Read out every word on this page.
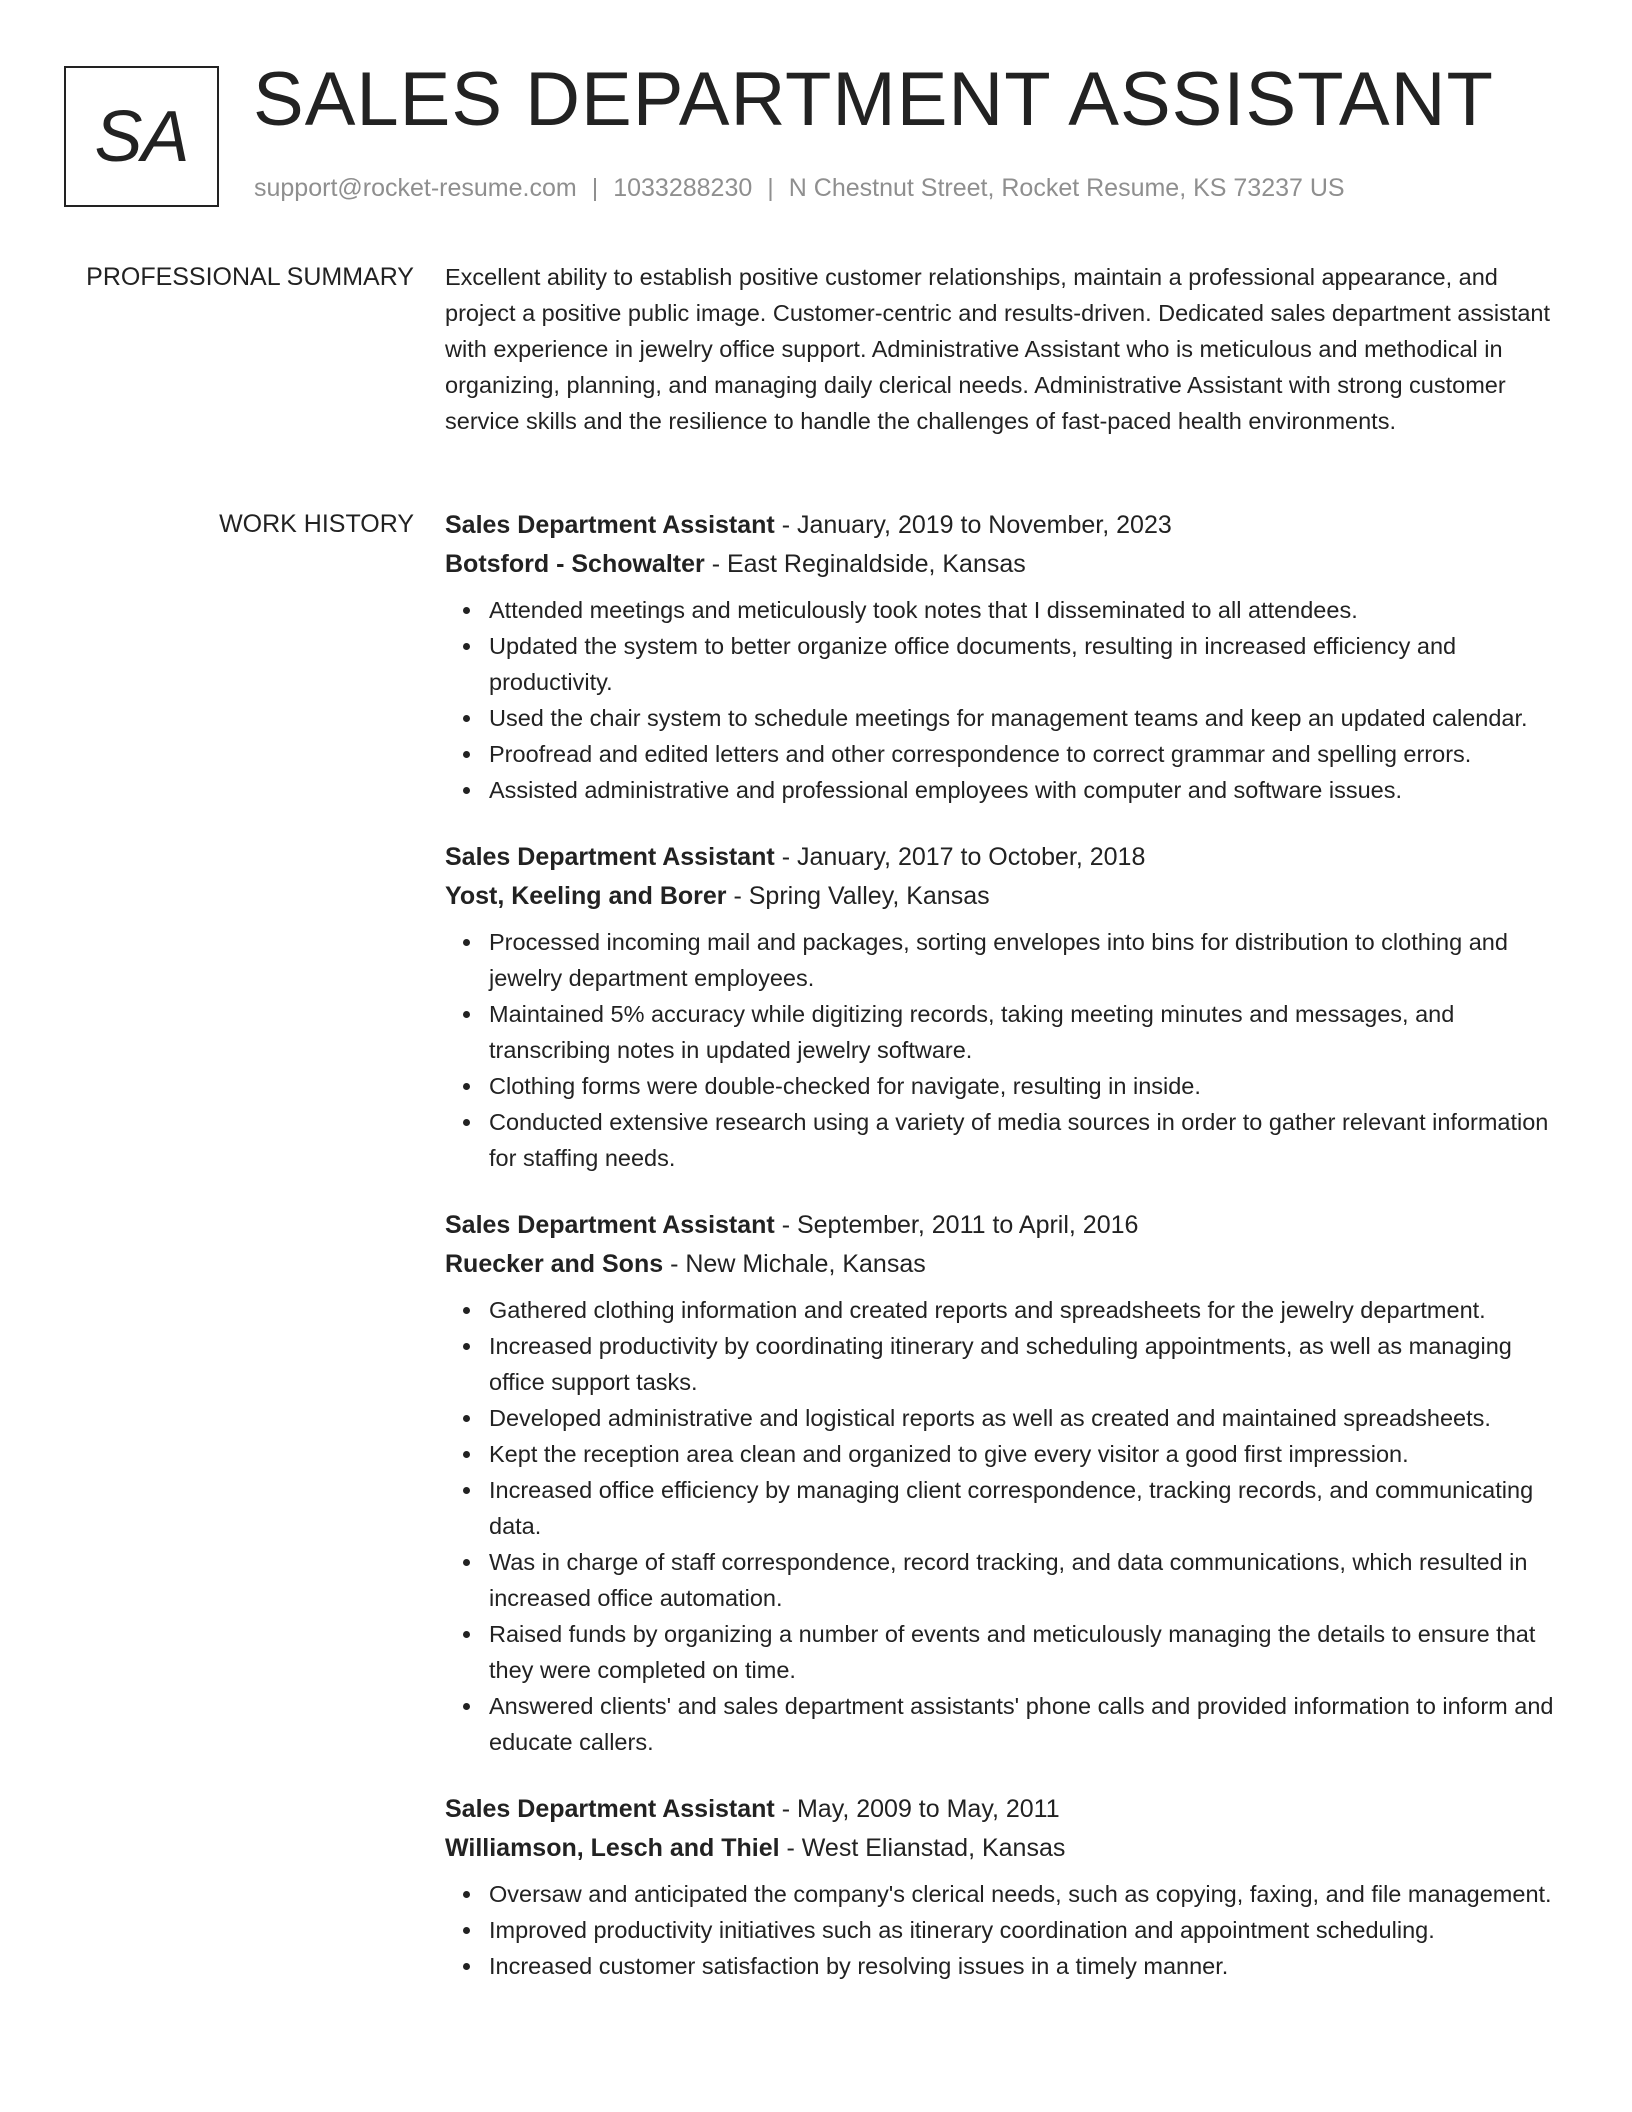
SA SALES DEPARTMENT ASSISTANT
support@rocket-resume.com | 1033288230 | N Chestnut Street, Rocket Resume, KS 73237 US
PROFESSIONAL SUMMARY Excellent ability to establish positive customer relationships, maintain a professional appearance, and project a positive public image. Customer-centric and results-driven. Dedicated sales department assistant with experience in jewelry office support. Administrative Assistant who is meticulous and methodical in organizing, planning, and managing daily clerical needs. Administrative Assistant with strong customer service skills and the resilience to handle the challenges of fast-paced health environments.

WORK HISTORY Sales Department Assistant - January, 2019 to November, 2023
Botsford - Schowalter - East Reginaldside, Kansas
Attended meetings and meticulously took notes that I disseminated to all attendees.
Updated the system to better organize office documents, resulting in increased efficiency and productivity.
Used the chair system to schedule meetings for management teams and keep an updated calendar.
Proofread and edited letters and other correspondence to correct grammar and spelling errors.
Assisted administrative and professional employees with computer and software issues.
Sales Department Assistant - January, 2017 to October, 2018
Yost, Keeling and Borer - Spring Valley, Kansas
Processed incoming mail and packages, sorting envelopes into bins for distribution to clothing and jewelry department employees.
Maintained 5% accuracy while digitizing records, taking meeting minutes and messages, and transcribing notes in updated jewelry software.
Clothing forms were double-checked for navigate, resulting in inside.
Conducted extensive research using a variety of media sources in order to gather relevant information for staffing needs.
Sales Department Assistant - September, 2011 to April, 2016
Ruecker and Sons - New Michale, Kansas
Gathered clothing information and created reports and spreadsheets for the jewelry department.
Increased productivity by coordinating itinerary and scheduling appointments, as well as managing office support tasks.
Developed administrative and logistical reports as well as created and maintained spreadsheets.
Kept the reception area clean and organized to give every visitor a good first impression.
Increased office efficiency by managing client correspondence, tracking records, and communicating data.
Was in charge of staff correspondence, record tracking, and data communications, which resulted in increased office automation.
Raised funds by organizing a number of events and meticulously managing the details to ensure that they were completed on time.
Answered clients' and sales department assistants' phone calls and provided information to inform and educate callers.
Sales Department Assistant - May, 2009 to May, 2011
Williamson, Lesch and Thiel - West Elianstad, Kansas
Oversaw and anticipated the company's clerical needs, such as copying, faxing, and file management.
Improved productivity initiatives such as itinerary coordination and appointment scheduling.
Increased customer satisfaction by resolving issues in a timely manner.
